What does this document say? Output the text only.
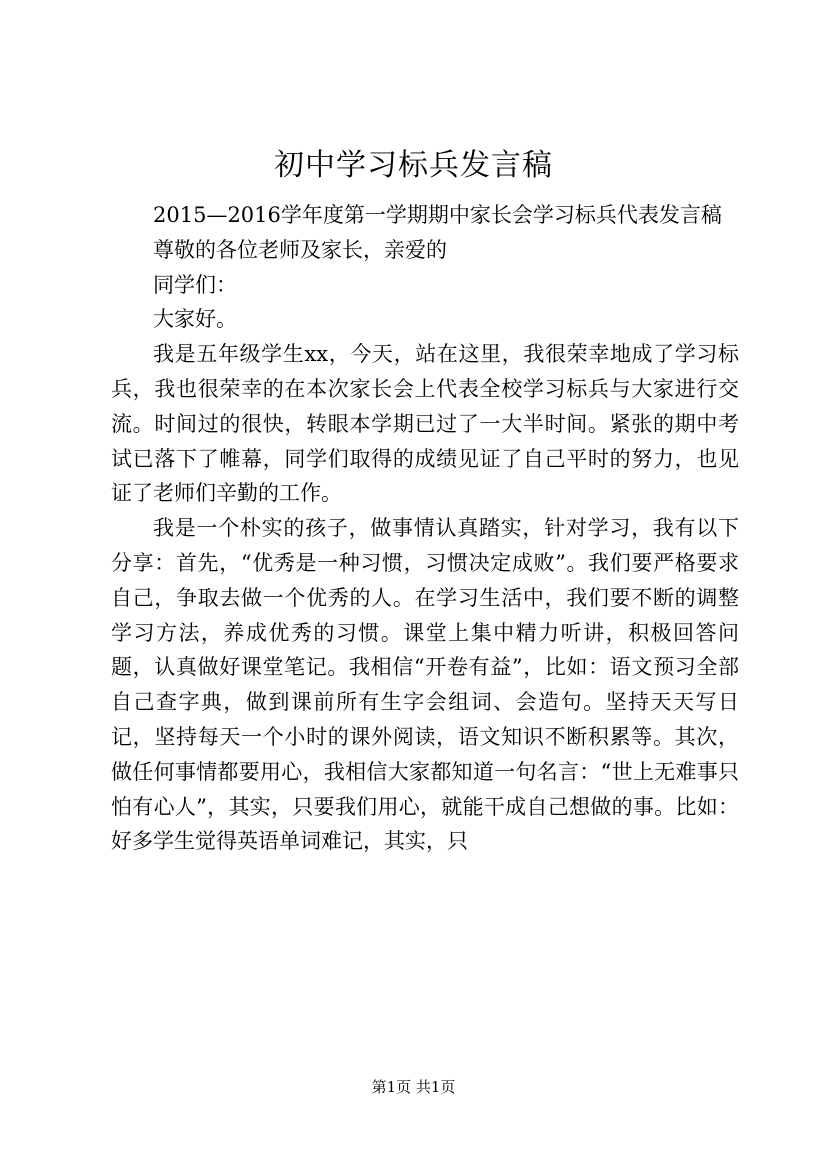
初中学习标兵发言稿

2015—2016学年度第一学期期中家长会学习标兵代表发言稿

尊敬的各位老师及家长，亲爱的

同学们：

大家好。

我是五年级学生xx，今天，站在这里，我很荣幸地成了学习标兵，我也很荣幸的在本次家长会上代表全校学习标兵与大家进行交流。时间过的很快，转眼本学期已过了一大半时间。紧张的期中考试已落下了帷幕，同学们取得的成绩见证了自己平时的努力，也见证了老师们辛勤的工作。

我是一个朴实的孩子，做事情认真踏实，针对学习，我有以下分享：首先，“优秀是一种习惯，习惯决定成败”。我们要严格要求自己，争取去做一个优秀的人。在学习生活中，我们要不断的调整学习方法，养成优秀的习惯。课堂上集中精力听讲，积极回答问题，认真做好课堂笔记。我相信“开卷有益”，比如：语文预习全部自己查字典，做到课前所有生字会组词、会造句。坚持天天写日记，坚持每天一个小时的课外阅读，语文知识不断积累等。其次，做任何事情都要用心，我相信大家都知道一句名言：“世上无难事只怕有心人”，其实，只要我们用心，就能干成自己想做的事。比如：好多学生觉得英语单词难记，其实，只

第1页 共1页
